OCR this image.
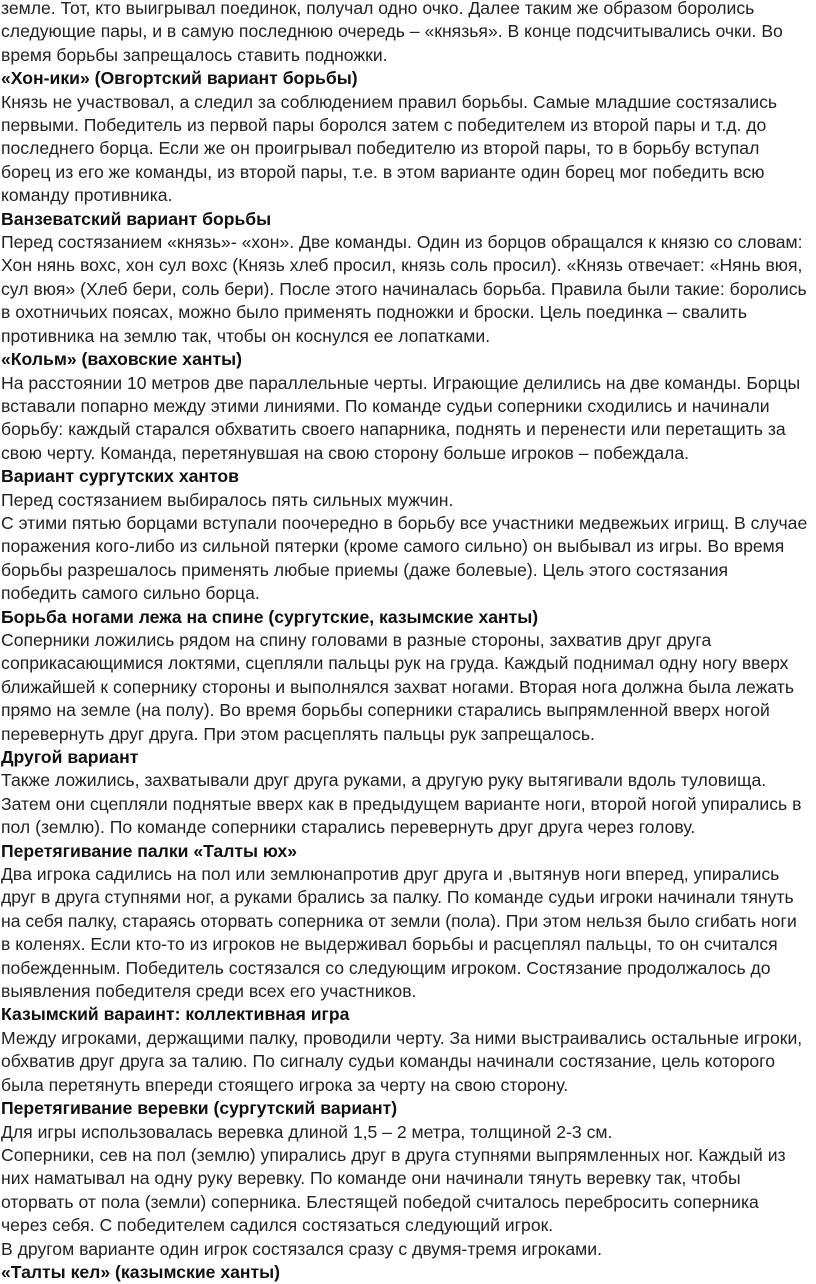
земле. Тот, кто выигрывал поединок, получал одно очко. Далее таким же образом боролись следующие пары, и в самую последнюю очередь – «князья». В конце подсчитывались очки. Во время борьбы запрещалось ставить подножки.

«Хон-ики» (Овгортский вариант борьбы)

Князь не участвовал, а следил за соблюдением правил борьбы. Самые младшие состязались первыми. Победитель из первой пары боролся затем с победителем из второй пары и т.д. до последнего борца. Если же он проигрывал победителю из второй пары, то в борьбу вступал борец из его же команды, из второй пары, т.е. в этом варианте один борец мог победить всю команду противника.

Ванзеватский вариант борьбы

Перед состязанием «князь»- «хон». Две команды. Один из борцов обращался к князю со словам: Хон нянь вохс, хон сул вохс (Князь хлеб просил, князь соль просил). «Князь отвечает: «Нянь вюя, сул вюя» (Хлеб бери, соль бери). После этого начиналась борьба. Правила были такие: боролись в охотничьих поясах, можно было применять подножки и броски. Цель поединка – свалить противника на землю так, чтобы он коснулся ее лопатками.

«Кольм» (ваховские ханты)

На расстоянии 10 метров две параллельные черты. Играющие делились на две команды. Борцы вставали попарно между этими линиями. По команде судьи соперники сходились и начинали борьбу: каждый старался обхватить своего напарника, поднять и перенести или перетащить за свою черту. Команда, перетянувшая на свою сторону больше игроков – побеждала.

Вариант сургутских хантов

Перед состязанием выбиралось пять сильных мужчин.

С этими пятью борцами вступали поочередно в борьбу все участники медвежьих игрищ. В случае поражения кого-либо из сильной пятерки (кроме самого сильно) он выбывал из игры. Во время борьбы разрешалось применять любые приемы (даже болевые). Цель этого состязания победить самого сильно борца.

Борьба ногами лежа на спине (сургутские, казымские ханты)

Соперники ложились рядом на спину головами в разные стороны, захватив друг друга соприкасающимися локтями, сцепляли пальцы рук на груда. Каждый поднимал одну ногу вверх ближайшей к сопернику стороны и выполнялся захват ногами. Вторая нога должна была лежать прямо на земле (на полу). Во время борьбы соперники старались выпрямленной вверх ногой перевернуть друг друга. При этом расцеплять пальцы рук запрещалось.

Другой вариант

Также ложились, захватывали друг друга руками, а другую руку вытягивали вдоль туловища. Затем они сцепляли поднятые вверх как в предыдущем варианте ноги, второй ногой упирались в пол (землю). По команде соперники старались перевернуть друг друга через голову.

Перетягивание палки «Талты юх»

Два игрока садились на пол или землюнапротив друг друга и ,вытянув ноги вперед, упирались друг в друга ступнями ног, а руками брались за палку. По команде судьи игроки начинали тянуть на себя палку, стараясь оторвать соперника от земли (пола). При этом нельзя было сгибать ноги в коленях. Если кто-то из игроков не выдерживал борьбы и расцеплял пальцы, то он считался побежденным. Победитель состязался со следующим игроком. Состязание продолжалось до выявления победителя среди всех его участников.

Казымский вараинт: коллективная игра

Между игроками, держащими палку, проводили черту. За ними выстраивались остальные игроки, обхватив друг друга за талию. По сигналу судьи команды начинали состязание, цель которого была перетянуть впереди стоящего игрока за черту на свою сторону.

Перетягивание веревки (сургутский вариант)

Для игры использовалась веревка длиной 1,5 – 2 метра, толщиной 2-3 см.

Соперники, сев на пол (землю) упирались друг в друга ступнями выпрямленных ног. Каждый из них наматывал на одну руку веревку. По команде они начинали тянуть веревку так, чтобы оторвать от пола (земли) соперника. Блестящей победой считалось перебросить соперника через себя. С победителем садился состязаться следующий игрок.

В другом варианте один игрок состязался сразу с двумя-тремя игроками.

«Талты кел» (казымские ханты)
